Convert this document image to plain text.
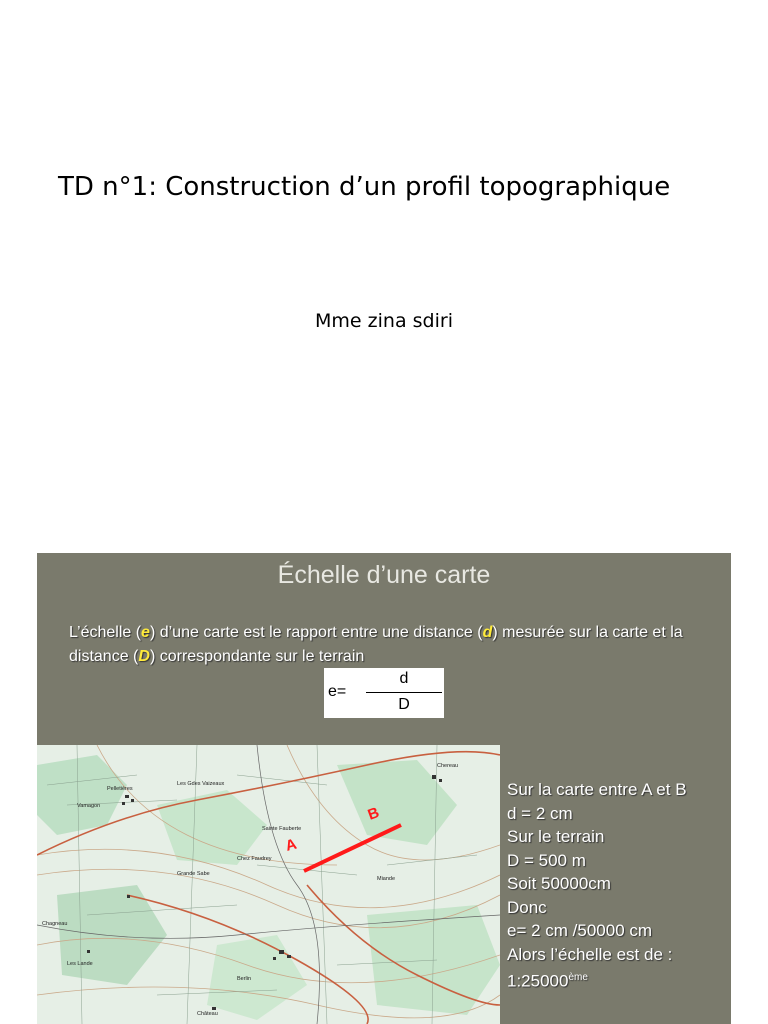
TD n°1: Construction d’un profil topographique
Mme zina sdiri
Échelle d’une carte
L’échelle (e) d’une carte est le rapport entre une distance (d) mesurée sur la carte et la distance (D) correspondante sur le terrain
e=
d
D
Pelletières
Vamagon
Les Gdes Vaizeaux
Chereau
Sainte Fauberte
Grande Sabe
Chagneau
Miande
Chez Faudrey
Berlin
Château
Les Lande
A
B
Sur la carte entre A et B
d = 2 cm
Sur le terrain
D = 500 m
Soit 50000cm
Donc
e= 2 cm /50000 cm
Alors l’échelle est de :
1:25000ème
